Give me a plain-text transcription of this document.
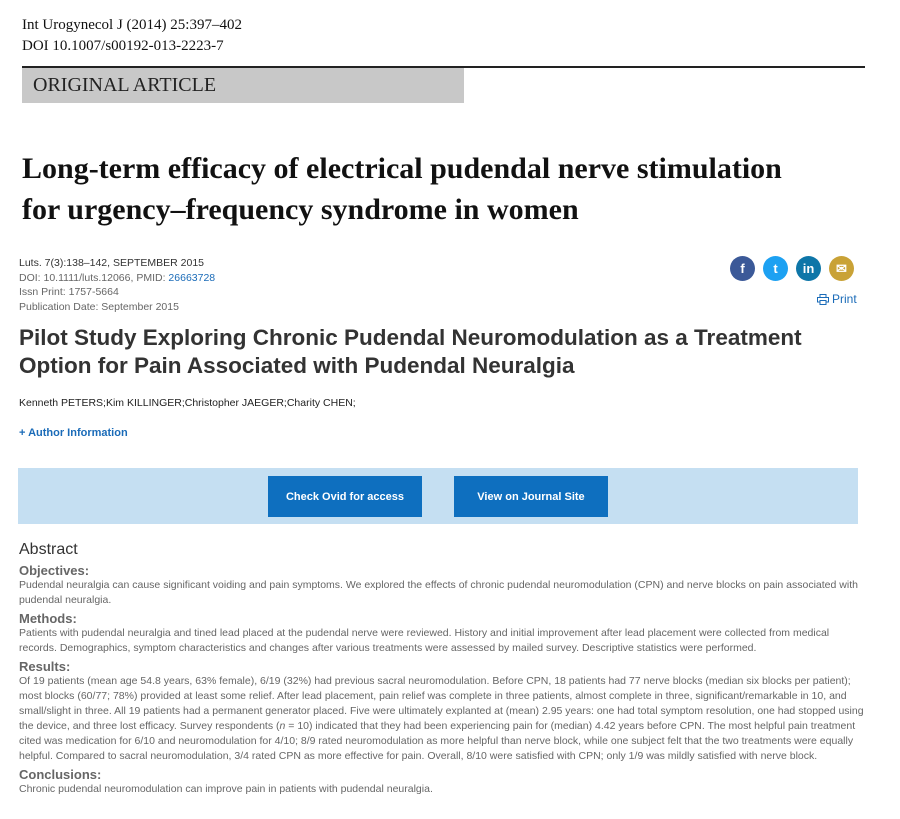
Int Urogynecol J (2014) 25:397–402
DOI 10.1007/s00192-013-2223-7
ORIGINAL ARTICLE
Long-term efficacy of electrical pudendal nerve stimulation
for urgency–frequency syndrome in women
Luts. 7(3):138–142, SEPTEMBER 2015
DOI: 10.1111/luts.12066, PMID: 26663728
Issn Print: 1757-5664
Publication Date: September 2015
f	t	in	✉
Print
Pilot Study Exploring Chronic Pudendal Neuromodulation as a Treatment
Option for Pain Associated with Pudendal Neuralgia
Kenneth PETERS;Kim KILLINGER;Christopher JAEGER;Charity CHEN;
+ Author Information
Check Ovid for access	View on Journal Site
Abstract
Objectives:
Pudendal neuralgia can cause significant voiding and pain symptoms. We explored the effects of chronic pudendal neuromodulation (CPN) and nerve blocks on pain associated with pudendal neuralgia.
Methods:
Patients with pudendal neuralgia and tined lead placed at the pudendal nerve were reviewed. History and initial improvement after lead placement were collected from medical records. Demographics, symptom characteristics and changes after various treatments were assessed by mailed survey. Descriptive statistics were performed.
Results:
Of 19 patients (mean age 54.8 years, 63% female), 6/19 (32%) had previous sacral neuromodulation. Before CPN, 18 patients had 77 nerve blocks (median six blocks per patient); most blocks (60/77; 78%) provided at least some relief. After lead placement, pain relief was complete in three patients, almost complete in three, significant/remarkable in 10, and small/slight in three. All 19 patients had a permanent generator placed. Five were ultimately explanted at (mean) 2.95 years: one had total symptom resolution, one had stopped using the device, and three lost efficacy. Survey respondents (n = 10) indicated that they had been experiencing pain for (median) 4.42 years before CPN. The most helpful pain treatment cited was medication for 6/10 and neuromodulation for 4/10; 8/9 rated neuromodulation as more helpful than nerve block, while one subject felt that the two treatments were equally helpful. Compared to sacral neuromodulation, 3/4 rated CPN as more effective for pain. Overall, 8/10 were satisfied with CPN; only 1/9 was mildly satisfied with nerve block.
Conclusions:
Chronic pudendal neuromodulation can improve pain in patients with pudendal neuralgia.
